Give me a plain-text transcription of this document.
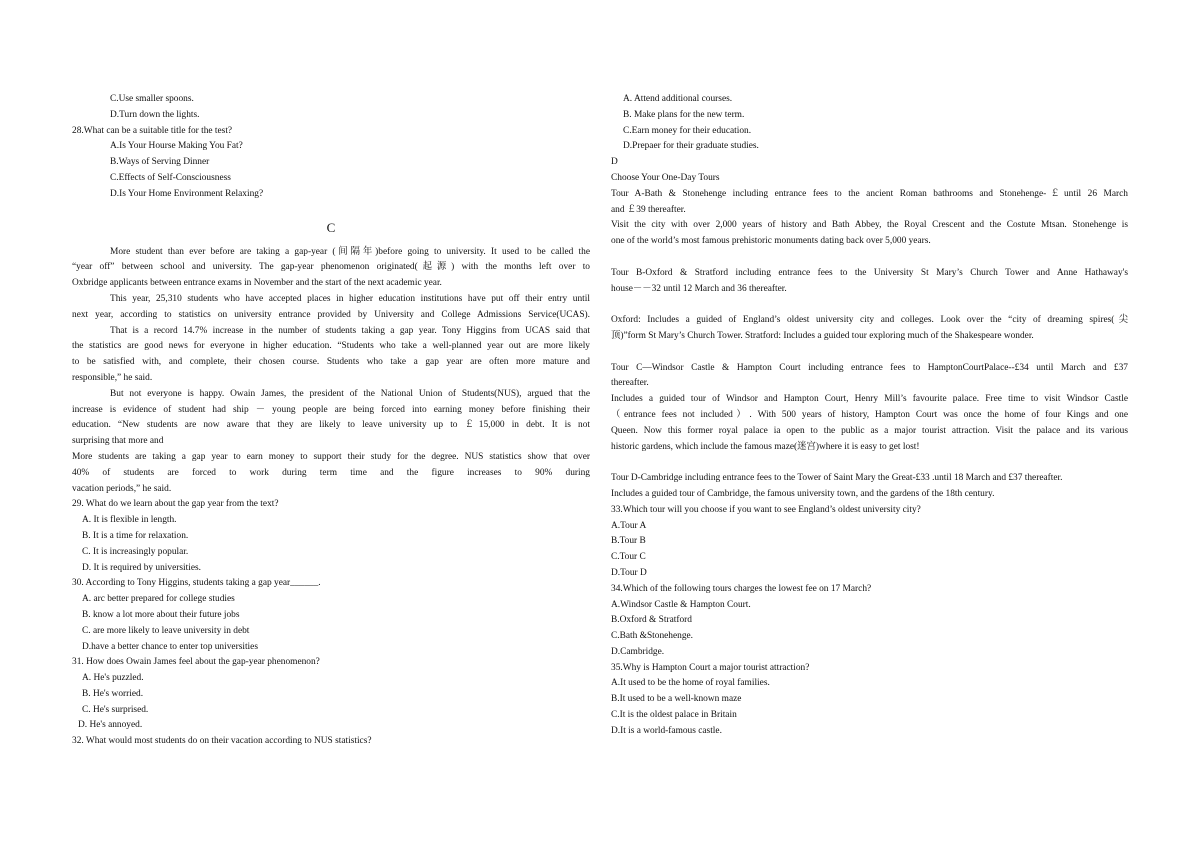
C.Use smaller spoons.
D.Turn down the lights.
28.What can be a suitable title for the test?
A.Is Your Hourse Making You Fat?
B.Ways of Serving Dinner
C.Effects of Self-Consciousness
D.Is Your Home Environment Relaxing?
C
More student than ever before are taking a gap-year (间隔年)before going to university. It used to be called the
“year off” between school and university. The gap-year phenomenon originated(起源) with the months left over to
Oxbridge applicants between entrance exams in November and the start of the next academic year.
This year, 25,310 students who have accepted places in higher education institutions have put off their entry until
next year, according to statistics on university entrance provided by University and College Admissions Service(UCAS).
That is a record 14.7% increase in the number of students taking a gap year. Tony Higgins from UCAS said that
the statistics are good news for everyone in higher education. “Students who take a well-planned year out are more likely
to be satisfied with, and complete, their chosen course. Students who take a gap year are often more mature and
responsible,” he said.
But not everyone is happy. Owain James, the president of the National Union of Students(NUS), argued that the
increase is evidence of student had ship － young people are being forced into earning money before finishing their
education. “New students are now aware that they are likely to leave university up to ￡15,000 in debt. It is not
surprising that more and
More students are taking a gap year to earn money to support their study for the degree. NUS statistics show that over
40% of students are forced to work during term time and the figure increases to 90% during
vacation periods,” he said.
29. What do we learn about the gap year from the text?
A. It is flexible in length.
B. It is a time for relaxation.
C. It is increasingly popular.
D. It is required by universities.
30. According to Tony Higgins, students taking a gap year______.
A. arc better prepared for college studies
B. know a lot more about their future jobs
C. are more likely to leave university in debt
D.have a better chance to enter top universities
31. How does Owain James feel about the gap-year phenomenon?
A. He's puzzled.
B. He's worried.
C. He's surprised.
D. He's annoyed.
32. What would most students do on their vacation according to NUS statistics?
A. Attend additional courses.
B. Make plans for the new term.
C.Earn money for their education.
D.Prepaer for their graduate studies.
D
Choose Your One-Day Tours
Tour A-Bath & Stonehenge including entrance fees to the ancient Roman bathrooms and Stonehenge-￡until 26 March
and ￡39 thereafter.
Visit the city with over 2,000 years of history and Bath Abbey, the Royal Crescent and the Costute Mtsan. Stonehenge is
one of the world’s most famous prehistoric monuments dating back over 5,000 years.
Tour B-Oxford & Stratford including entrance fees to the University St Mary’s Church Tower and Anne Hathaway's
house－－32 until 12 March and 36 thereafter.
Oxford: Includes a guided of England’s oldest university city and colleges. Look over the “city of dreaming spires(尖
顶)”form St Mary’s Church Tower. Stratford: Includes a guided tour exploring much of the Shakespeare wonder.
Tour C—Windsor Castle & Hampton Court including entrance fees to HamptonCourtPalace--£34 until March and £37
thereafter.
Includes a guided tour of Windsor and Hampton Court, Henry Mill’s favourite palace. Free time to visit Windsor Castle
（entrance fees not included）. With 500 years of history, Hampton Court was once the home of four Kings and one
Queen. Now this former royal palace ia open to the public as a major tourist attraction. Visit the palace and its various
historic gardens, which include the famous maze(迷宫)where it is easy to get lost!
Tour D-Cambridge including entrance fees to the Tower of Saint Mary the Great-£33 .until 18 March and £37 thereafter.
Includes a guided tour of Cambridge, the famous university town, and the gardens of the 18th century.
33.Which tour will you choose if you want to see England’s oldest university city?
A.Tour A
B.Tour B
C.Tour C
D.Tour D
34.Which of the following tours charges the lowest fee on 17 March?
A.Windsor Castle & Hampton Court.
B.Oxford & Stratford
C.Bath &Stonehenge.
D.Cambridge.
35.Why is Hampton Court a major tourist attraction?
A.It used to be the home of royal families.
B.It used to be a well-known maze
C.It is the oldest palace in Britain
D.It is a world-famous castle.
